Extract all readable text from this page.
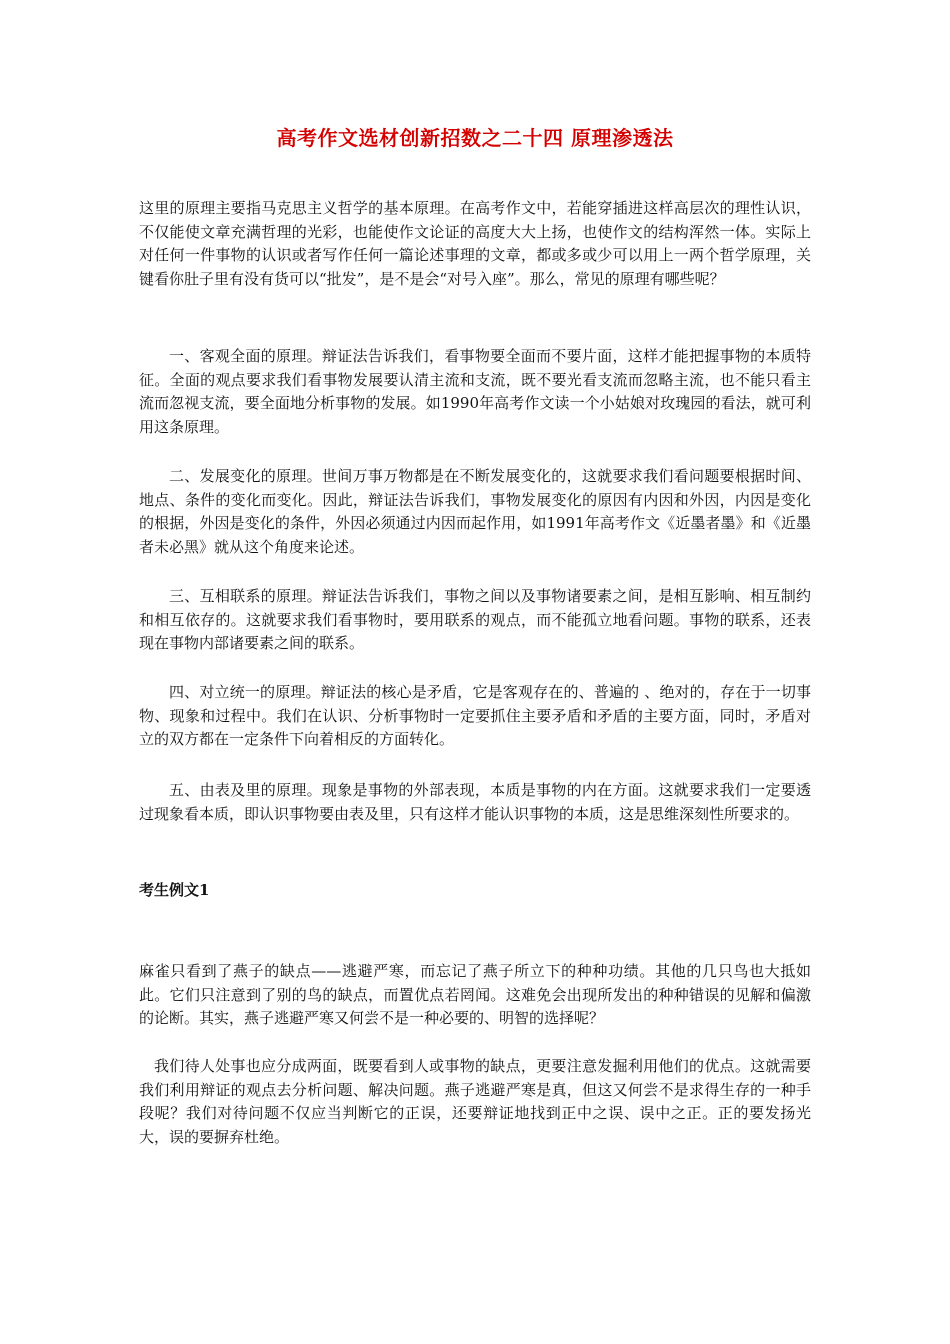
高考作文选材创新招数之二十四 原理渗透法

这里的原理主要指马克思主义哲学的基本原理。在高考作文中，若能穿插进这样高层次的理性认识，不仅能使文章充满哲理的光彩，也能使作文论证的高度大大上扬，也使作文的结构浑然一体。实际上对任何一件事物的认识或者写作任何一篇论述事理的文章，都或多或少可以用上一两个哲学原理，关键看你肚子里有没有货可以“批发”，是不是会“对号入座”。那么，常见的原理有哪些呢？

一、客观全面的原理。辩证法告诉我们，看事物要全面而不要片面，这样才能把握事物的本质特征。全面的观点要求我们看事物发展要认清主流和支流，既不要光看支流而忽略主流，也不能只看主流而忽视支流，要全面地分析事物的发展。如1990年高考作文读一个小姑娘对玫瑰园的看法，就可利用这条原理。

二、发展变化的原理。世间万事万物都是在不断发展变化的，这就要求我们看问题要根据时间、地点、条件的变化而变化。因此，辩证法告诉我们，事物发展变化的原因有内因和外因，内因是变化的根据，外因是变化的条件，外因必须通过内因而起作用，如1991年高考作文《近墨者墨》和《近墨者未必黑》就从这个角度来论述。

三、互相联系的原理。辩证法告诉我们，事物之间以及事物诸要素之间，是相互影响、相互制约和相互依存的。这就要求我们看事物时，要用联系的观点，而不能孤立地看问题。事物的联系，还表现在事物内部诸要素之间的联系。

四、对立统一的原理。辩证法的核心是矛盾，它是客观存在的、普遍的 、绝对的，存在于一切事物、现象和过程中。我们在认识、分析事物时一定要抓住主要矛盾和矛盾的主要方面，同时，矛盾对立的双方都在一定条件下向着相反的方面转化。

五、由表及里的原理。现象是事物的外部表现，本质是事物的内在方面。这就要求我们一定要透过现象看本质，即认识事物要由表及里，只有这样才能认识事物的本质，这是思维深刻性所要求的。

考生例文1

麻雀只看到了燕子的缺点——逃避严寒，而忘记了燕子所立下的种种功绩。其他的几只鸟也大抵如此。它们只注意到了别的鸟的缺点，而置优点若罔闻。这难免会出现所发出的种种错误的见解和偏激的论断。其实，燕子逃避严寒又何尝不是一种必要的、明智的选择呢？

我们待人处事也应分成两面，既要看到人或事物的缺点，更要注意发掘利用他们的优点。这就需要我们利用辩证的观点去分析问题、解决问题。燕子逃避严寒是真，但这又何尝不是求得生存的一种手段呢？我们对待问题不仅应当判断它的正误，还要辩证地找到正中之误、误中之正。正的要发扬光大，误的要摒弃杜绝。
